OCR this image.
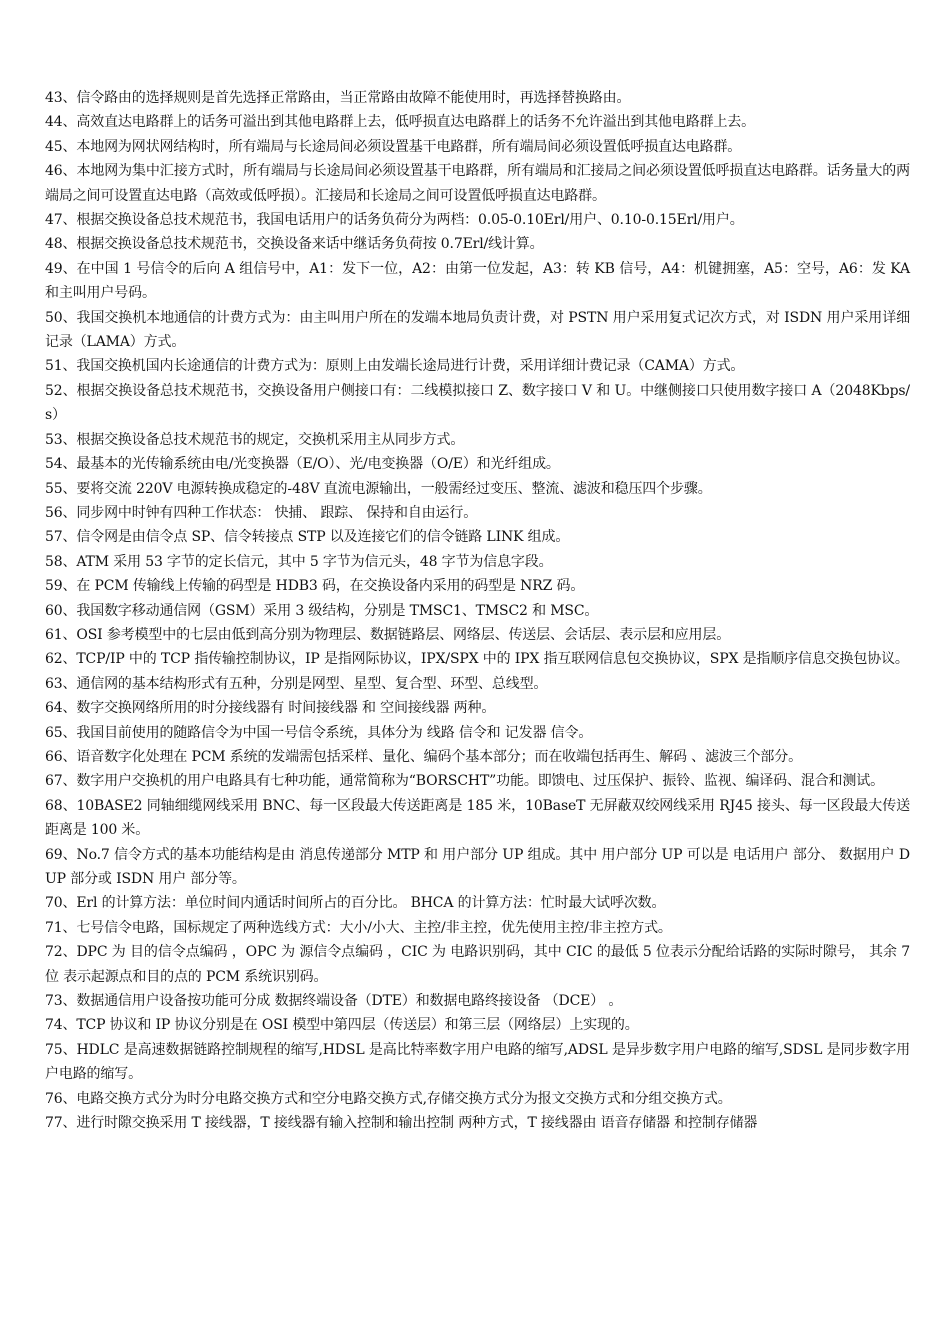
43、信令路由的选择规则是首先选择正常路由，当正常路由故障不能使用时，再选择替换路由。

44、高效直达电路群上的话务可溢出到其他电路群上去，低呼损直达电路群上的话务不允许溢出到其他电路群上去。

45、本地网为网状网结构时，所有端局与长途局间必须设置基干电路群，所有端局间必须设置低呼损直达电路群。

46、本地网为集中汇接方式时，所有端局与长途局间必须设置基干电路群，所有端局和汇接局之间必须设置低呼损直达电路群。话务量大的两端局之间可设置直达电路（高效或低呼损）。汇接局和长途局之间可设置低呼损直达电路群。

47、根据交换设备总技术规范书，我国电话用户的话务负荷分为两档：0.05-0.10Erl/用户、0.10-0.15Erl/用户。

48、根据交换设备总技术规范书，交换设备来话中继话务负荷按 0.7Erl/线计算。

49、在中国 1 号信令的后向 A 组信号中，A1：发下一位，A2：由第一位发起，A3：转 KB 信号，A4：机键拥塞，A5：空号，A6：发 KA 和主叫用户号码。

50、我国交换机本地通信的计费方式为：由主叫用户所在的发端本地局负责计费，对 PSTN 用户采用复式记次方式，对 ISDN 用户采用详细记录（LAMA）方式。

51、我国交换机国内长途通信的计费方式为：原则上由发端长途局进行计费，采用详细计费记录（CAMA）方式。

52、根据交换设备总技术规范书，交换设备用户侧接口有：二线模拟接口 Z、数字接口 V 和 U。中继侧接口只使用数字接口 A（2048Kbps/s）

53、根据交换设备总技术规范书的规定，交换机采用主从同步方式。

54、最基本的光传输系统由电/光变换器（E/O）、光/电变换器（O/E）和光纤组成。

55、要将交流 220V 电源转换成稳定的-48V 直流电源输出，一般需经过变压、整流、滤波和稳压四个步骤。

56、同步网中时钟有四种工作状态： 快捕、 跟踪、 保持和自由运行。

57、信令网是由信令点 SP、信令转接点 STP 以及连接它们的信令链路 LINK 组成。

58、ATM 采用 53 字节的定长信元，其中 5 字节为信元头，48 字节为信息字段。

59、在 PCM 传输线上传输的码型是 HDB3 码，在交换设备内采用的码型是 NRZ 码。

60、我国数字移动通信网（GSM）采用 3 级结构，分别是 TMSC1、TMSC2 和 MSC。

61、OSI 参考模型中的七层由低到高分别为物理层、数据链路层、网络层、传送层、会话层、表示层和应用层。

62、TCP/IP 中的 TCP 指传输控制协议，IP 是指网际协议，IPX/SPX 中的 IPX 指互联网信息包交换协议，SPX 是指顺序信息交换包协议。

63、通信网的基本结构形式有五种，分别是网型、星型、复合型、环型、总线型。

64、数字交换网络所用的时分接线器有 时间接线器 和 空间接线器 两种。

65、我国目前使用的随路信令为中国一号信令系统，具体分为 线路 信令和 记发器 信令。

66、语音数字化处理在 PCM 系统的发端需包括采样、量化、编码个基本部分；而在收端包括再生、解码 、滤波三个部分。

67、数字用户交换机的用户电路具有七种功能，通常简称为“BORSCHT”功能。即馈电、过压保护、振铃、监视、编译码、混合和测试。

68、10BASE2 同轴细缆网线采用 BNC、每一区段最大传送距离是 185 米，10BaseT 无屏蔽双绞网线采用 RJ45 接头、每一区段最大传送距离是 100 米。

69、No.7 信令方式的基本功能结构是由 消息传递部分 MTP 和 用户部分 UP 组成。其中 用户部分 UP 可以是 电话用户 部分、 数据用户 DUP 部分或 ISDN 用户 部分等。

70、Erl 的计算方法：单位时间内通话时间所占的百分比。 BHCA 的计算方法：忙时最大试呼次数。

71、七号信令电路，国标规定了两种选线方式：大小/小大、主控/非主控，优先使用主控/非主控方式。

72、DPC 为 目的信令点编码 ，OPC 为 源信令点编码 ，CIC 为 电路识别码，其中 CIC 的最低 5 位表示分配给话路的实际时隙号， 其余 7 位 表示起源点和目的点的 PCM 系统识别码。

73、数据通信用户设备按功能可分成 数据终端设备（DTE）和数据电路终接设备 （DCE） 。

74、TCP 协议和 IP 协议分别是在 OSI 模型中第四层（传送层）和第三层（网络层）上实现的。

75、HDLC 是高速数据链路控制规程的缩写,HDSL 是高比特率数字用户电路的缩写,ADSL 是异步数字用户电路的缩写,SDSL 是同步数字用户电路的缩写。

76、电路交换方式分为时分电路交换方式和空分电路交换方式,存储交换方式分为报文交换方式和分组交换方式。

77、进行时隙交换采用 T 接线器，T 接线器有输入控制和输出控制 两种方式，T 接线器由 语音存储器 和控制存储器
